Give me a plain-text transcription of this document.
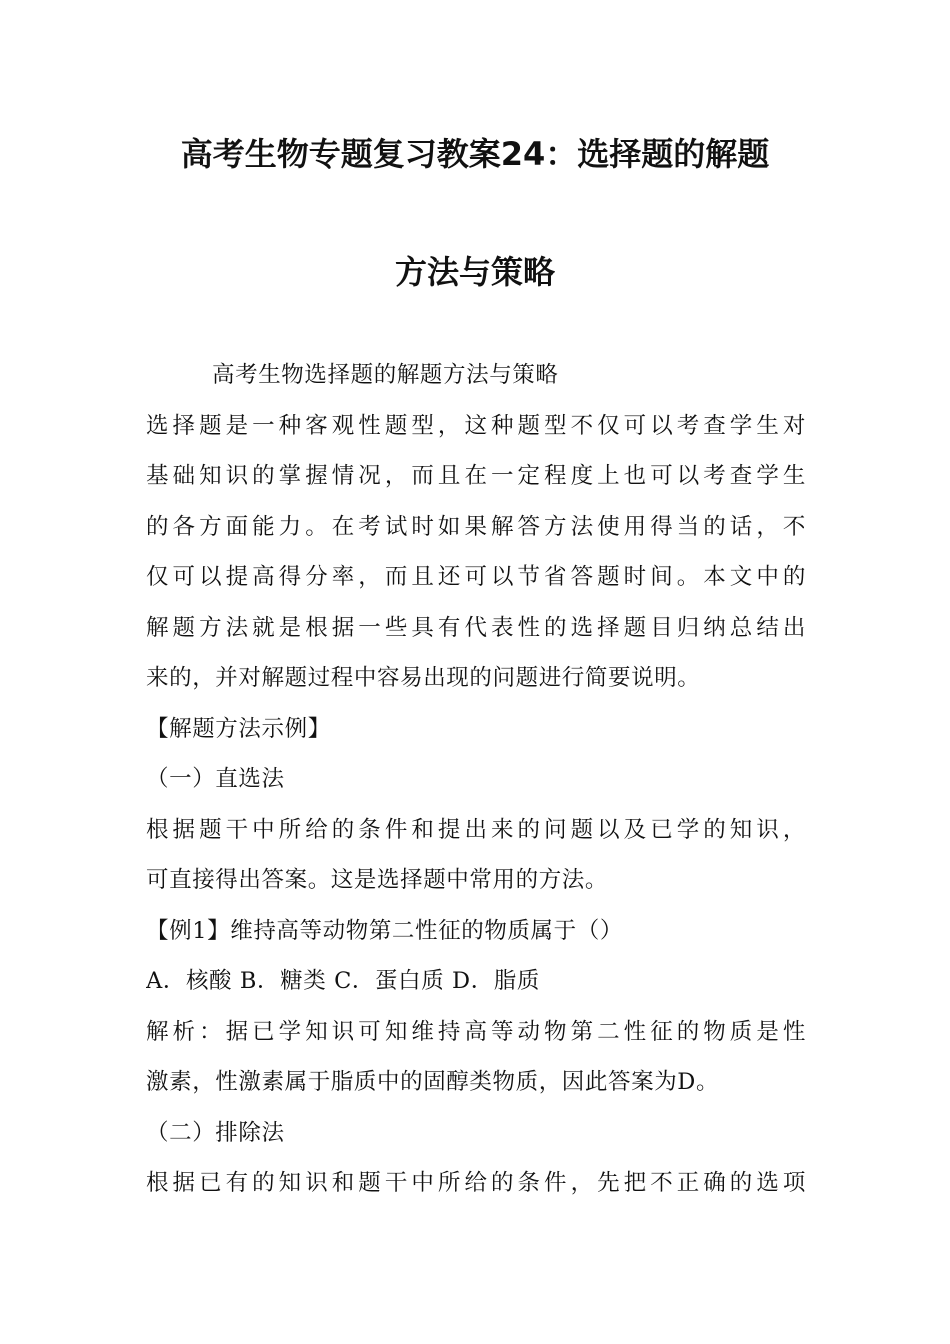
高考生物专题复习教案24：选择题的解题
方法与策略
高考生物选择题的解题方法与策略
选择题是一种客观性题型，这种题型不仅可以考查学生对
基础知识的掌握情况，而且在一定程度上也可以考查学生
的各方面能力。在考试时如果解答方法使用得当的话，不
仅可以提高得分率，而且还可以节省答题时间。本文中的
解题方法就是根据一些具有代表性的选择题目归纳总结出
来的，并对解题过程中容易出现的问题进行简要说明。
【解题方法示例】
（一）直选法
根据题干中所给的条件和提出来的问题以及已学的知识，
可直接得出答案。这是选择题中常用的方法。
【例1】维持高等动物第二性征的物质属于（）
A．核酸 B．糖类 C．蛋白质 D．脂质
解析：据已学知识可知维持高等动物第二性征的物质是性
激素，性激素属于脂质中的固醇类物质，因此答案为D。
（二）排除法
根据已有的知识和题干中所给的条件，先把不正确的选项
